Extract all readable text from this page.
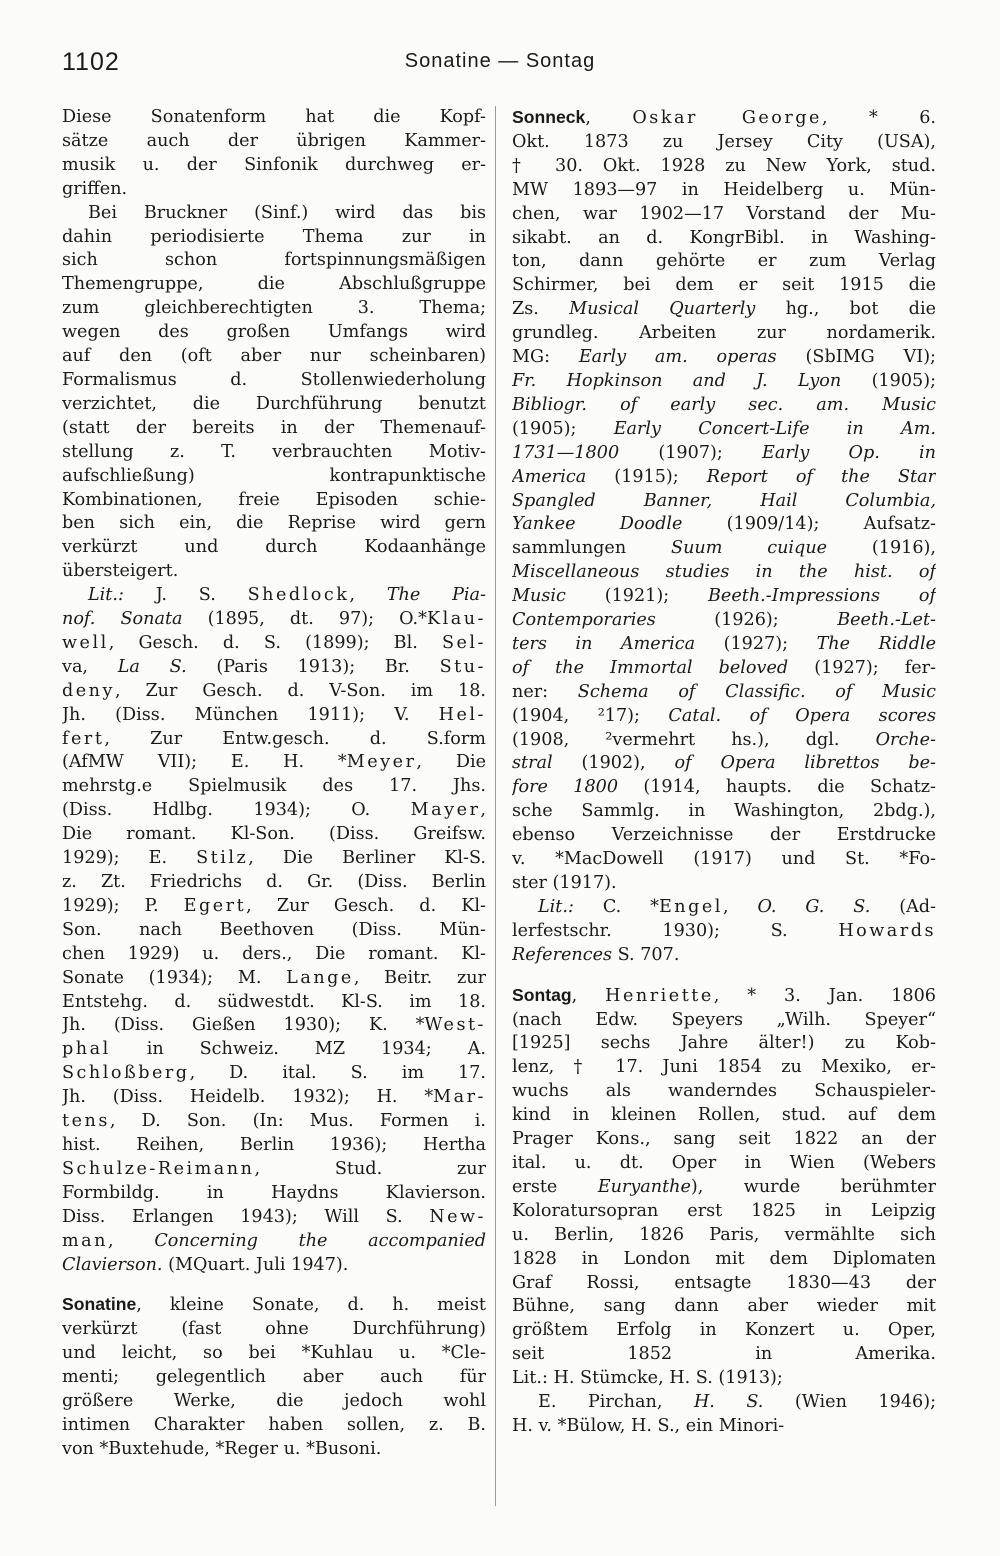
1102	Sonatine — Sontag
Diese Sonatenform hat die Kopf-
sätze auch der übrigen Kammer-
musik u. der Sinfonik durchweg er-
griffen.
Bei Bruckner (Sinf.) wird das bis
dahin periodisierte Thema zur in
sich schon fortspinnungsmäßigen
Themengruppe, die Abschlußgruppe
zum gleichberechtigten 3. Thema;
wegen des großen Umfangs wird
auf den (oft aber nur scheinbaren)
Formalismus d. Stollenwiederholung
verzichtet, die Durchführung benutzt
(statt der bereits in der Themenauf-
stellung z. T. verbrauchten Motiv-
aufschließung) kontrapunktische
Kombinationen, freie Episoden schie-
ben sich ein, die Reprise wird gern
verkürzt und durch Kodaanhänge
übersteigert.
Lit.: J. S. Shedlock, The Pia-
nof. Sonata (1895, dt. 97); O.*Klau-
well, Gesch. d. S. (1899); Bl. Sel-
va, La S. (Paris 1913); Br. Stu-
deny, Zur Gesch. d. V-Son. im 18.
Jh. (Diss. München 1911); V. Hel-
fert, Zur Entw.gesch. d. S.form
(AfMW VII); E. H. *Meyer, Die
mehrstg.e Spielmusik des 17. Jhs.
(Diss. Hdlbg. 1934); O. Mayer,
Die romant. Kl-Son. (Diss. Greifsw.
1929); E. Stilz, Die Berliner Kl-S.
z. Zt. Friedrichs d. Gr. (Diss. Berlin
1929); P. Egert, Zur Gesch. d. Kl-
Son. nach Beethoven (Diss. Mün-
chen 1929) u. ders., Die romant. Kl-
Sonate (1934); M. Lange, Beitr. zur
Entstehg. d. südwestdt. Kl-S. im 18.
Jh. (Diss. Gießen 1930); K. *West-
phal in Schweiz. MZ 1934; A.
Schloßberg, D. ital. S. im 17.
Jh. (Diss. Heidelb. 1932); H. *Mar-
tens, D. Son. (In: Mus. Formen i.
hist. Reihen, Berlin 1936); Hertha
Schulze-Reimann, Stud. zur
Formbildg. in Haydns Klavierson.
Diss. Erlangen 1943); Will S. New-
man, Concerning the accompanied
Clavierson. (MQuart. Juli 1947).
Sonatine, kleine Sonate, d. h. meist
verkürzt (fast ohne Durchführung)
und leicht, so bei *Kuhlau u. *Cle-
menti; gelegentlich aber auch für
größere Werke, die jedoch wohl
intimen Charakter haben sollen, z. B.
von *Buxtehude, *Reger u. *Busoni.
Sonneck, Oskar George, * 6.
Okt. 1873 zu Jersey City (USA),
† 30. Okt. 1928 zu New York, stud.
MW 1893—97 in Heidelberg u. Mün-
chen, war 1902—17 Vorstand der Mu-
sikabt. an d. KongrBibl. in Washing-
ton, dann gehörte er zum Verlag
Schirmer, bei dem er seit 1915 die
Zs. Musical Quarterly hg., bot die
grundleg. Arbeiten zur nordamerik.
MG: Early am. operas (SbIMG VI);
Fr. Hopkinson and J. Lyon (1905);
Bibliogr. of early sec. am. Music
(1905); Early Concert-Life in Am.
1731—1800 (1907); Early Op. in
America (1915); Report of the Star
Spangled Banner, Hail Columbia,
Yankee Doodle (1909/14); Aufsatz-
sammlungen Suum cuique (1916),
Miscellaneous studies in the hist. of
Music (1921); Beeth.-Impressions of
Contemporaries (1926); Beeth.-Let-
ters in America (1927); The Riddle
of the Immortal beloved (1927); fer-
ner: Schema of Classific. of Music
(1904, ²17); Catal. of Opera scores
(1908, ²vermehrt hs.), dgl. Orche-
stral (1902), of Opera librettos be-
fore 1800 (1914, haupts. die Schatz-
sche Sammlg. in Washington, 2bdg.),
ebenso Verzeichnisse der Erstdrucke
v. *MacDowell (1917) und St. *Fo-
ster (1917).
Lit.: C. *Engel, O. G. S. (Ad-
lerfestschr. 1930); S. Howards
References S. 707.
Sontag, Henriette, * 3. Jan. 1806
(nach Edw. Speyers „Wilh. Speyer“
[1925] sechs Jahre älter!) zu Kob-
lenz, † 17. Juni 1854 zu Mexiko, er-
wuchs als wanderndes Schauspieler-
kind in kleinen Rollen, stud. auf dem
Prager Kons., sang seit 1822 an der
ital. u. dt. Oper in Wien (Webers
erste Euryanthe), wurde berühmter
Koloratursopran erst 1825 in Leipzig
u. Berlin, 1826 Paris, vermählte sich
1828 in London mit dem Diplomaten
Graf Rossi, entsagte 1830—43 der
Bühne, sang dann aber wieder mit
größtem Erfolg in Konzert u. Oper,
seit 1852 in Amerika.
Lit.: H. Stümcke, H. S. (1913);
E. Pirchan, H. S. (Wien 1946);
H. v. *Bülow, H. S., ein Minori-
